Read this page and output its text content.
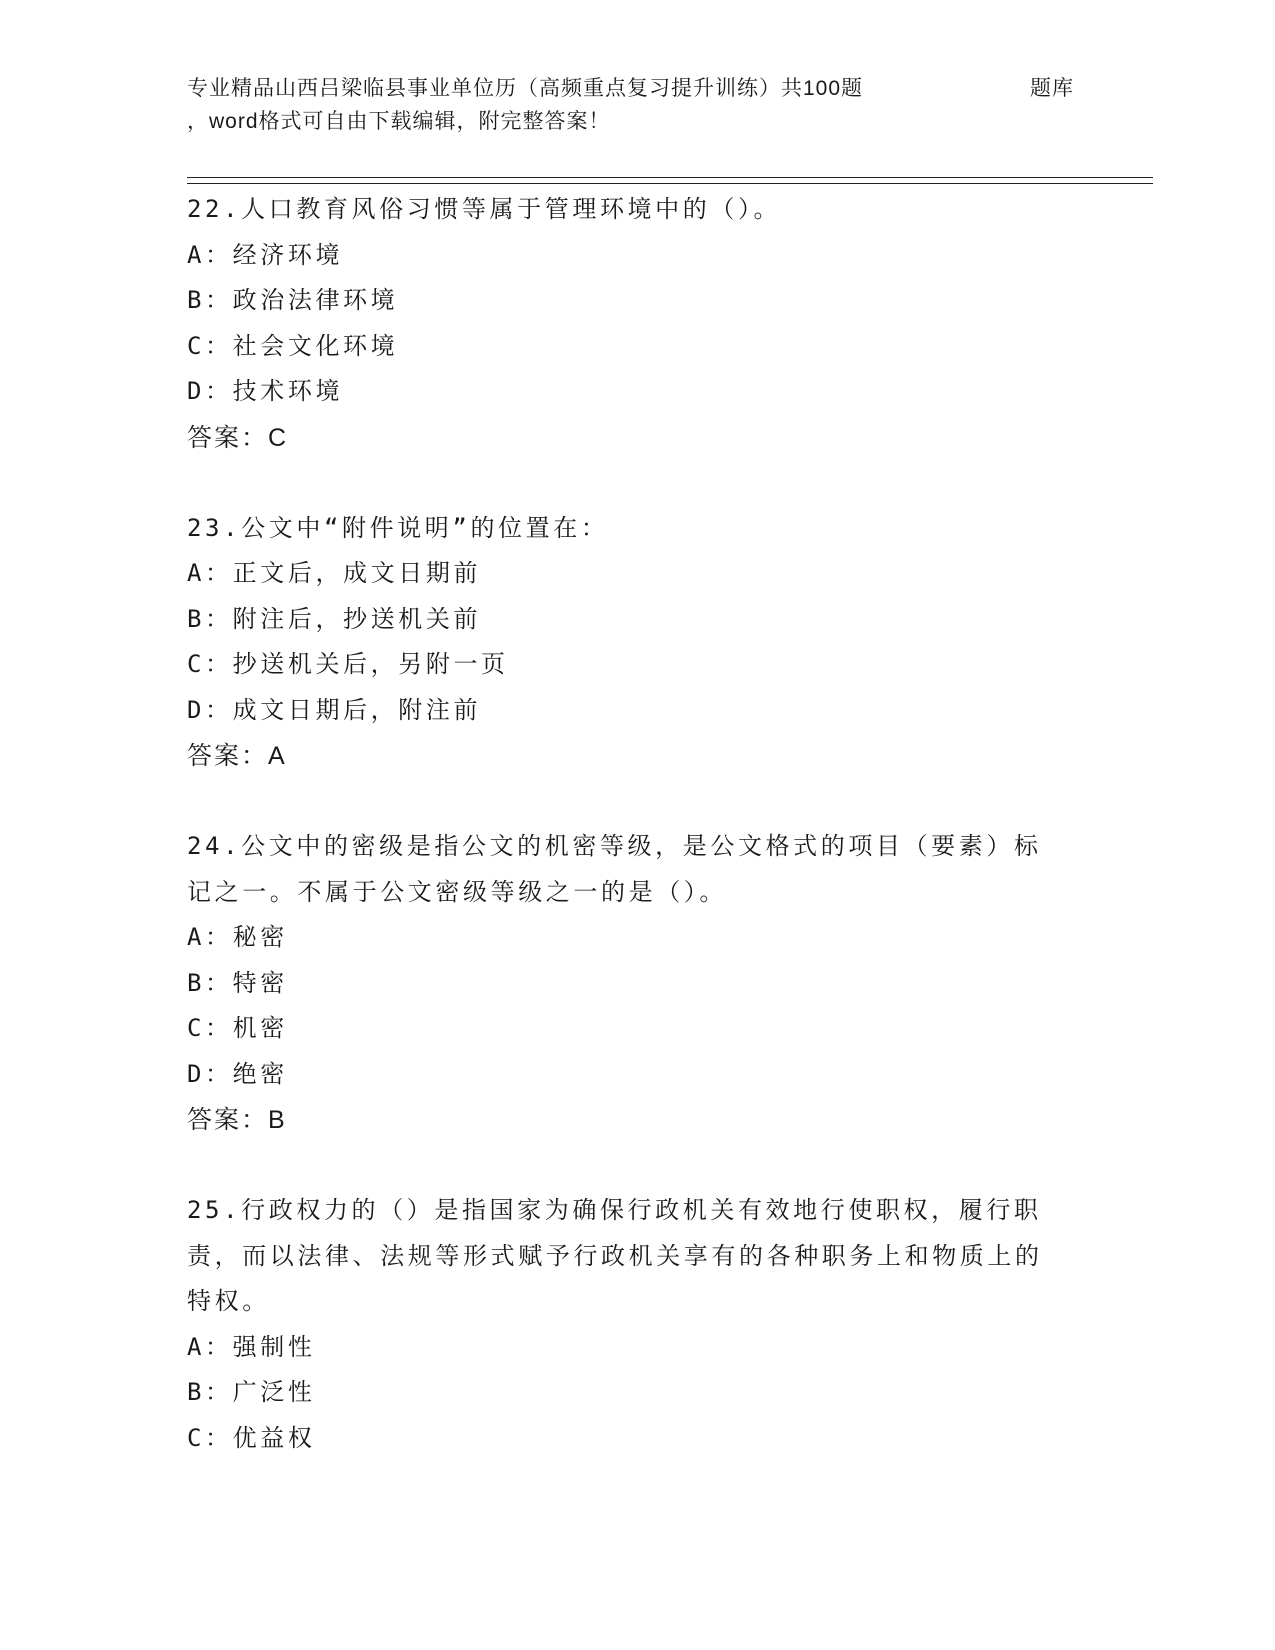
专业精品山西吕梁临县事业单位历（高频重点复习提升训练）共100题	题库
，word格式可自由下载编辑，附完整答案！
22.人口教育风俗习惯等属于管理环境中的（）。
A：经济环境
B：政治法律环境
C：社会文化环境
D：技术环境
答案：C
23.公文中“附件说明”的位置在：
A：正文后，成文日期前
B：附注后，抄送机关前
C：抄送机关后，另附一页
D：成文日期后，附注前
答案：A
24.公文中的密级是指公文的机密等级，是公文格式的项目（要素）标记之一。不属于公文密级等级之一的是（）。
A：秘密
B：特密
C：机密
D：绝密
答案：B
25.行政权力的（）是指国家为确保行政机关有效地行使职权，履行职责，而以法律、法规等形式赋予行政机关享有的各种职务上和物质上的特权。
A：强制性
B：广泛性
C：优益权
